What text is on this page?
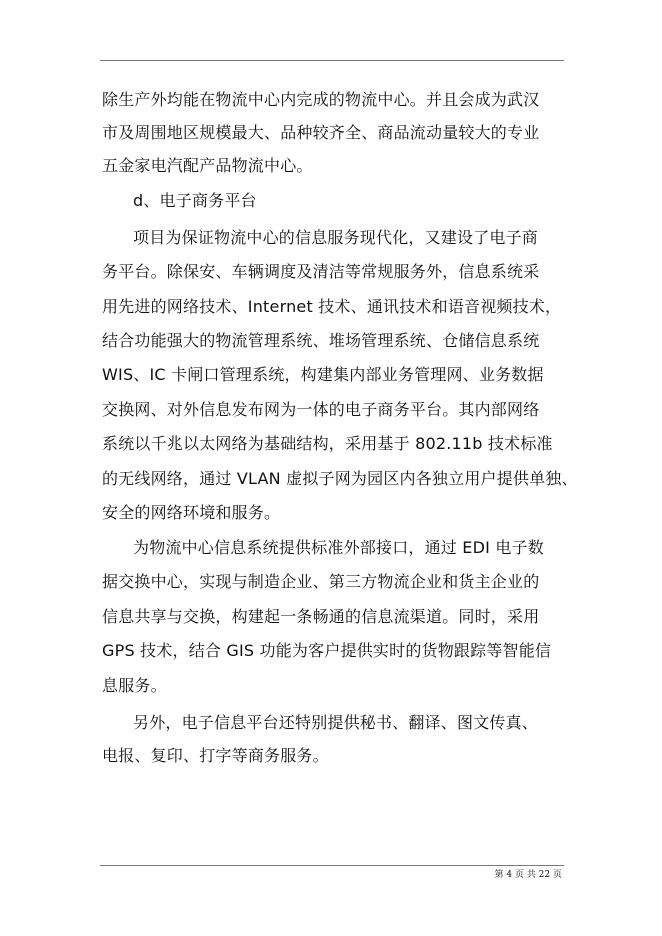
除生产外均能在物流中心内完成的物流中心。并且会成为武汉
市及周围地区规模最大、品种较齐全、商品流动量较大的专业
五金家电汽配产品物流中心。
d、电子商务平台
项目为保证物流中心的信息服务现代化，又建设了电子商
务平台。除保安、车辆调度及清洁等常规服务外，信息系统采
用先进的网络技术、Internet 技术、通讯技术和语音视频技术，
结合功能强大的物流管理系统、堆场管理系统、仓储信息系统
WIS、IC 卡闸口管理系统，构建集内部业务管理网、业务数据
交换网、对外信息发布网为一体的电子商务平台。其内部网络
系统以千兆以太网络为基础结构，采用基于 802.11b 技术标准
的无线网络，通过 VLAN 虚拟子网为园区内各独立用户提供单独、
安全的网络环境和服务。
为物流中心信息系统提供标准外部接口，通过 EDI 电子数
据交换中心，实现与制造企业、第三方物流企业和货主企业的
信息共享与交换，构建起一条畅通的信息流渠道。同时，采用
GPS 技术，结合 GIS 功能为客户提供实时的货物跟踪等智能信
息服务。
另外，电子信息平台还特别提供秘书、翻译、图文传真、
电报、复印、打字等商务服务。
第 4 页 共 22 页
